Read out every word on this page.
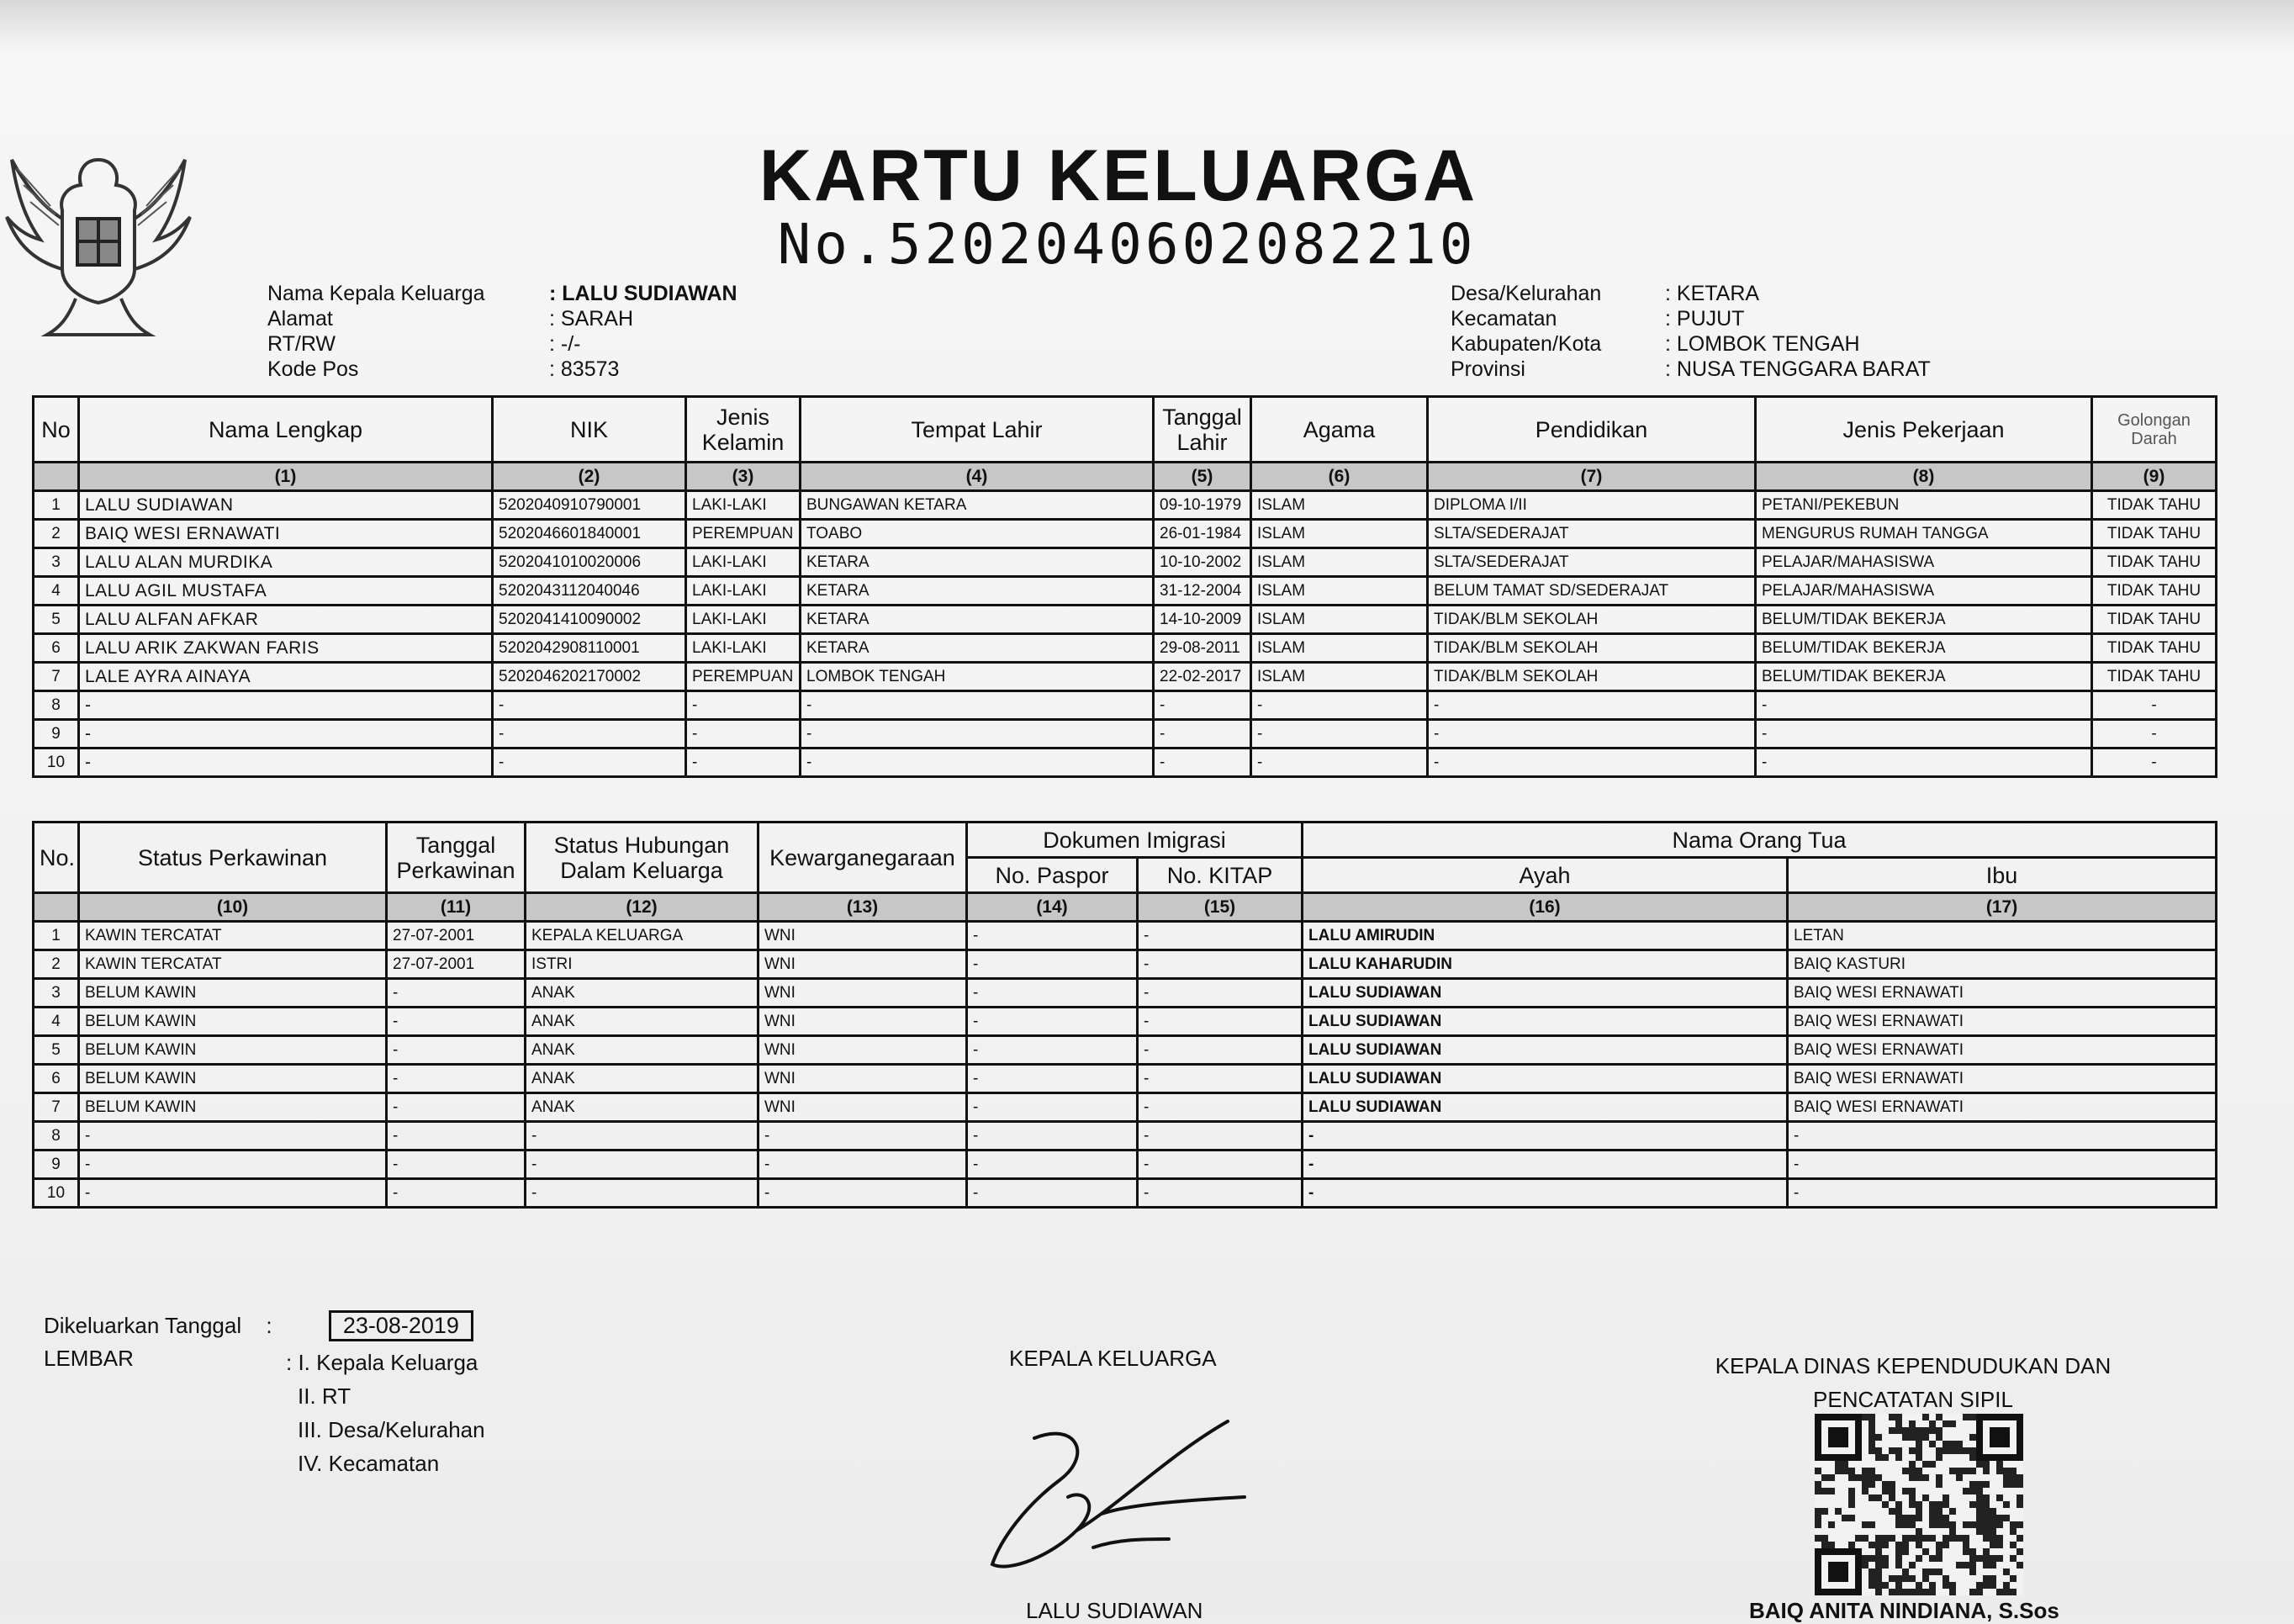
KARTU KELUARGA
No.5202040602082210
Nama Kepala Keluarga	: LALU SUDIAWAN
Alamat	: SARAH
RT/RW	: -/-
Kode Pos	: 83573
Desa/Kelurahan	: KETARA
Kecamatan	: PUJUT
Kabupaten/Kota	: LOMBOK TENGAH
Provinsi	: NUSA TENGGARA BARAT
No	Nama Lengkap	NIK	Jenis Kelamin	Tempat Lahir	Tanggal Lahir	Agama	Pendidikan	Jenis Pekerjaan	Golongan Darah
	(1)	(2)	(3)	(4)	(5)	(6)	(7)	(8)	(9)
1	LALU SUDIAWAN	5202040910790001	LAKI-LAKI	BUNGAWAN KETARA	09-10-1979	ISLAM	DIPLOMA I/II	PETANI/PEKEBUN	TIDAK TAHU
2	BAIQ WESI ERNAWATI	5202046601840001	PEREMPUAN	TOABO	26-01-1984	ISLAM	SLTA/SEDERAJAT	MENGURUS RUMAH TANGGA	TIDAK TAHU
3	LALU ALAN MURDIKA	5202041010020006	LAKI-LAKI	KETARA	10-10-2002	ISLAM	SLTA/SEDERAJAT	PELAJAR/MAHASISWA	TIDAK TAHU
4	LALU AGIL MUSTAFA	5202043112040046	LAKI-LAKI	KETARA	31-12-2004	ISLAM	BELUM TAMAT SD/SEDERAJAT	PELAJAR/MAHASISWA	TIDAK TAHU
5	LALU ALFAN AFKAR	5202041410090002	LAKI-LAKI	KETARA	14-10-2009	ISLAM	TIDAK/BLM SEKOLAH	BELUM/TIDAK BEKERJA	TIDAK TAHU
6	LALU ARIK ZAKWAN FARIS	5202042908110001	LAKI-LAKI	KETARA	29-08-2011	ISLAM	TIDAK/BLM SEKOLAH	BELUM/TIDAK BEKERJA	TIDAK TAHU
7	LALE AYRA AINAYA	5202046202170002	PEREMPUAN	LOMBOK TENGAH	22-02-2017	ISLAM	TIDAK/BLM SEKOLAH	BELUM/TIDAK BEKERJA	TIDAK TAHU
8	-	-	-	-	-	-	-	-	-
9	-	-	-	-	-	-	-	-	-
10	-	-	-	-	-	-	-	-	-
No.	Status Perkawinan	Tanggal Perkawinan	Status Hubungan Dalam Keluarga	Kewarganegaraan	Dokumen Imigrasi		Nama Orang Tua	
					No. Paspor	No. KITAP	Ayah	Ibu
	(10)	(11)	(12)	(13)	(14)	(15)	(16)	(17)
1	KAWIN TERCATAT	27-07-2001	KEPALA KELUARGA	WNI	-	-	LALU AMIRUDIN	LETAN
2	KAWIN TERCATAT	27-07-2001	ISTRI	WNI	-	-	LALU KAHARUDIN	BAIQ KASTURI
3	BELUM KAWIN	-	ANAK	WNI	-	-	LALU SUDIAWAN	BAIQ WESI ERNAWATI
4	BELUM KAWIN	-	ANAK	WNI	-	-	LALU SUDIAWAN	BAIQ WESI ERNAWATI
5	BELUM KAWIN	-	ANAK	WNI	-	-	LALU SUDIAWAN	BAIQ WESI ERNAWATI
6	BELUM KAWIN	-	ANAK	WNI	-	-	LALU SUDIAWAN	BAIQ WESI ERNAWATI
7	BELUM KAWIN	-	ANAK	WNI	-	-	LALU SUDIAWAN	BAIQ WESI ERNAWATI
8	-	-	-	-	-	-	-	-
9	-	-	-	-	-	-	-	-
10	-	-	-	-	-	-	-	-
Dikeluarkan Tanggal :	23-08-2019
LEMBAR	: I. Kepala Keluarga
II. RT
III. Desa/Kelurahan
IV. Kecamatan
KEPALA KELUARGA
LALU SUDIAWAN
KEPALA DINAS KEPENDUDUKAN DAN
PENCATATAN SIPIL
BAIQ ANITA NINDIANA, S.Sos
